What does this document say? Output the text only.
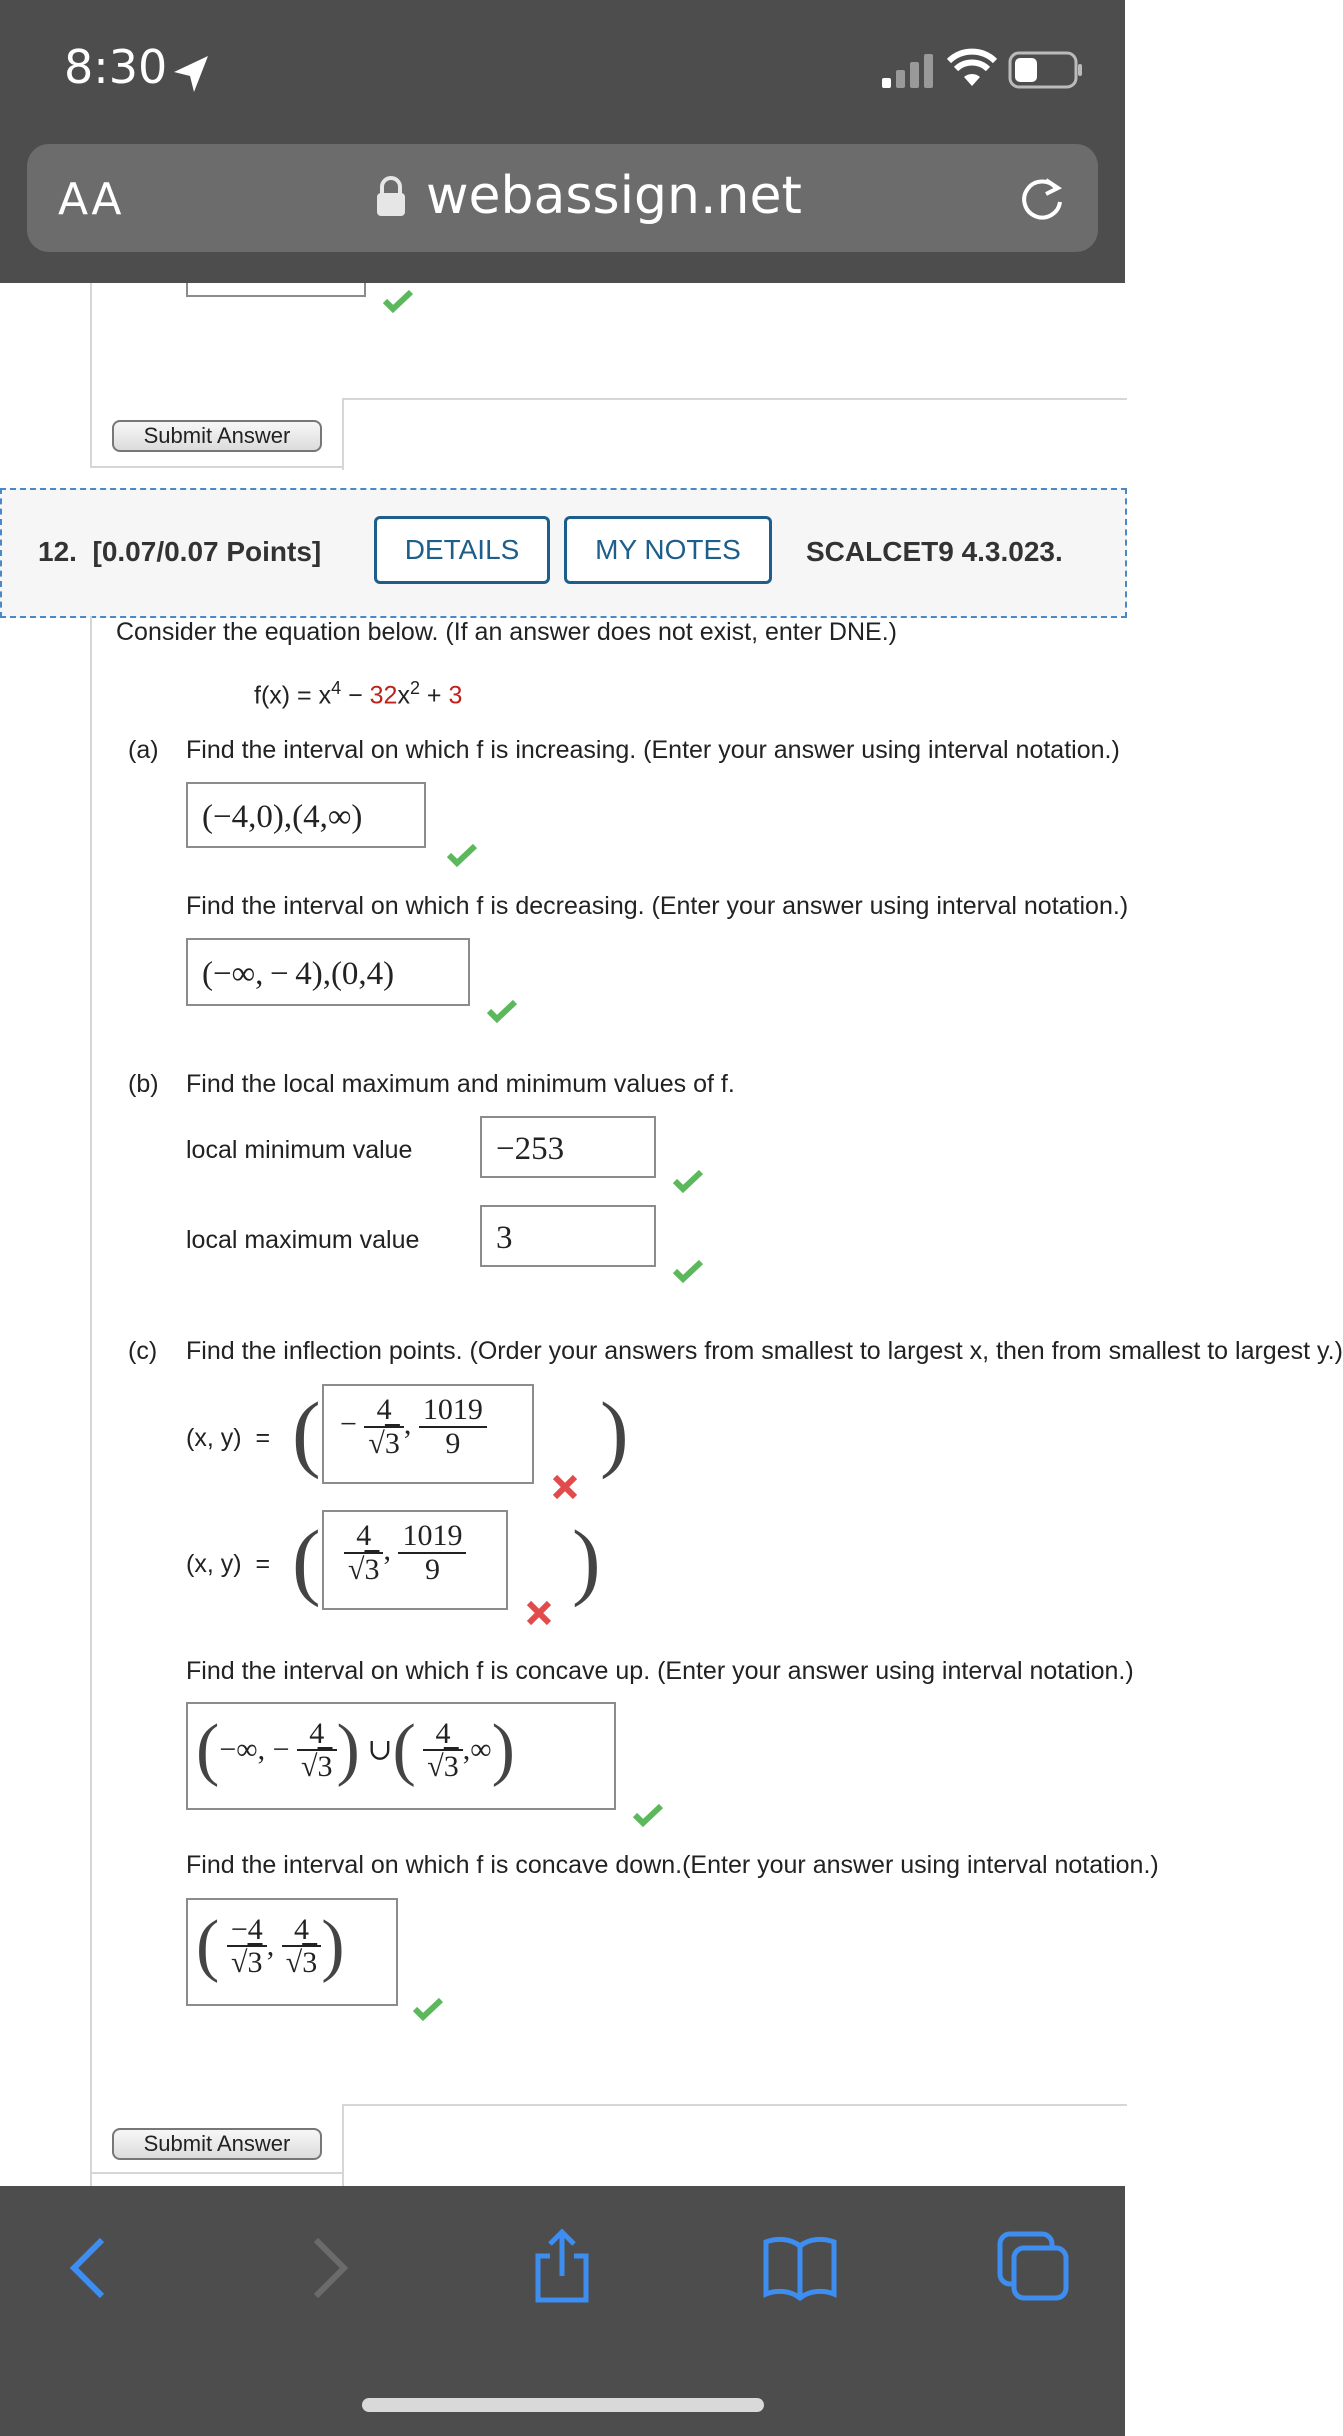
8:30
AA	webassign.net
Submit Answer
12. [0.07/0.07 Points]	DETAILS	MY NOTES	SCALCET9 4.3.023.
Consider the equation below. (If an answer does not exist, enter DNE.)
$f(x) = x^4 - 32x^2 + 3$
(a) Find the interval on which f is increasing. (Enter your answer using interval notation.)
(−4,0),(4,∞)
Find the interval on which f is decreasing. (Enter your answer using interval notation.)
(−∞, − 4),(0,4)
(b) Find the local maximum and minimum values of f.
local minimum value	−253
local maximum value	3
(c) Find the inflection points. (Order your answers from smallest to largest x, then from smallest to largest y.)
(x, y) = ( − $\frac{4}{√3}$ , $\frac{1019}{9}$ )
(x, y) = ( $\frac{4}{√3}$ , $\frac{1019}{9}$ )
Find the interval on which f is concave up. (Enter your answer using interval notation.)
(−∞, − $\frac{4}{√3}$ ) ∪( $\frac{4}{√3}$ ,∞)
Find the interval on which f is concave down.(Enter your answer using interval notation.)
( $\frac{-4}{√3}$ , $\frac{4}{√3}$ )
Submit Answer
